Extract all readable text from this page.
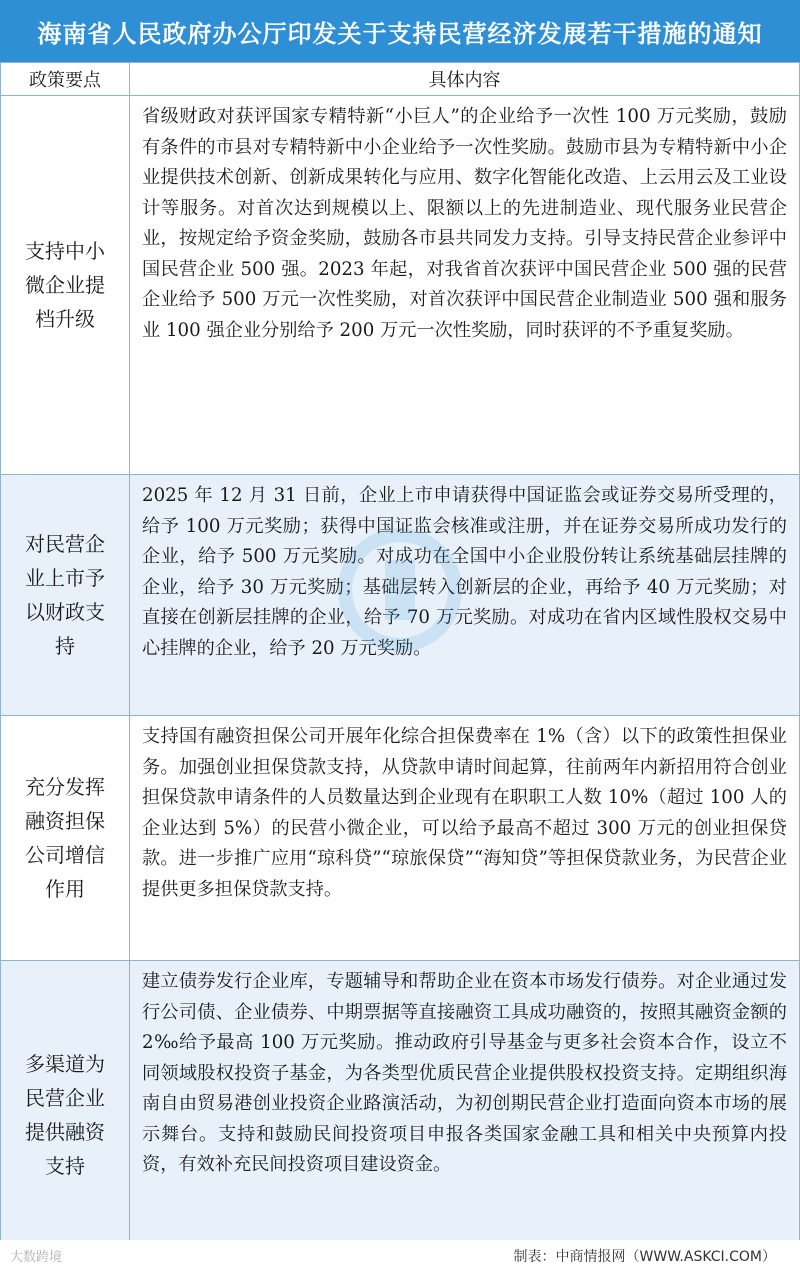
海南省人民政府办公厅印发关于支持民营经济发展若干措施的通知
政策要点	具体内容
支持中小微企业提档升级	省级财政对获评国家专精特新“小巨人”的企业给予一次性 100 万元奖励，鼓励有条件的市县对专精特新中小企业给予一次性奖励。鼓励市县为专精特新中小企业提供技术创新、创新成果转化与应用、数字化智能化改造、上云用云及工业设计等服务。对首次达到规模以上、限额以上的先进制造业、现代服务业民营企业，按规定给予资金奖励，鼓励各市县共同发力支持。引导支持民营企业参评中国民营企业 500 强。2023 年起，对我省首次获评中国民营企业 500 强的民营企业给予 500 万元一次性奖励，对首次获评中国民营企业制造业 500 强和服务业 100 强企业分别给予 200 万元一次性奖励，同时获评的不予重复奖励。
对民营企业上市予以财政支持	2025 年 12 月 31 日前，企业上市申请获得中国证监会或证券交易所受理的，给予 100 万元奖励；获得中国证监会核准或注册，并在证券交易所成功发行的企业，给予 500 万元奖励。对成功在全国中小企业股份转让系统基础层挂牌的企业，给予 30 万元奖励；基础层转入创新层的企业，再给予 40 万元奖励；对直接在创新层挂牌的企业，给予 70 万元奖励。对成功在省内区域性股权交易中心挂牌的企业，给予 20 万元奖励。
充分发挥融资担保公司增信作用	支持国有融资担保公司开展年化综合担保费率在 1%（含）以下的政策性担保业务。加强创业担保贷款支持，从贷款申请时间起算，往前两年内新招用符合创业担保贷款申请条件的人员数量达到企业现有在职职工人数 10%（超过 100 人的企业达到 5%）的民营小微企业，可以给予最高不超过 300 万元的创业担保贷款。进一步推广应用“琼科贷”“琼旅保贷”“海知贷”等担保贷款业务，为民营企业提供更多担保贷款支持。
多渠道为民营企业提供融资支持	建立债券发行企业库，专题辅导和帮助企业在资本市场发行债券。对企业通过发行公司债、企业债券、中期票据等直接融资工具成功融资的，按照其融资金额的 2‰给予最高 100 万元奖励。推动政府引导基金与更多社会资本合作，设立不同领域股权投资子基金，为各类型优质民营企业提供股权投资支持。定期组织海南自由贸易港创业投资企业路演活动，为初创期民营企业打造面向资本市场的展示舞台。支持和鼓励民间投资项目申报各类国家金融工具和相关中央预算内投资，有效补充民间投资项目建设资金。
大数跨境	制表：中商情报网（WWW.ASKCI.COM）
